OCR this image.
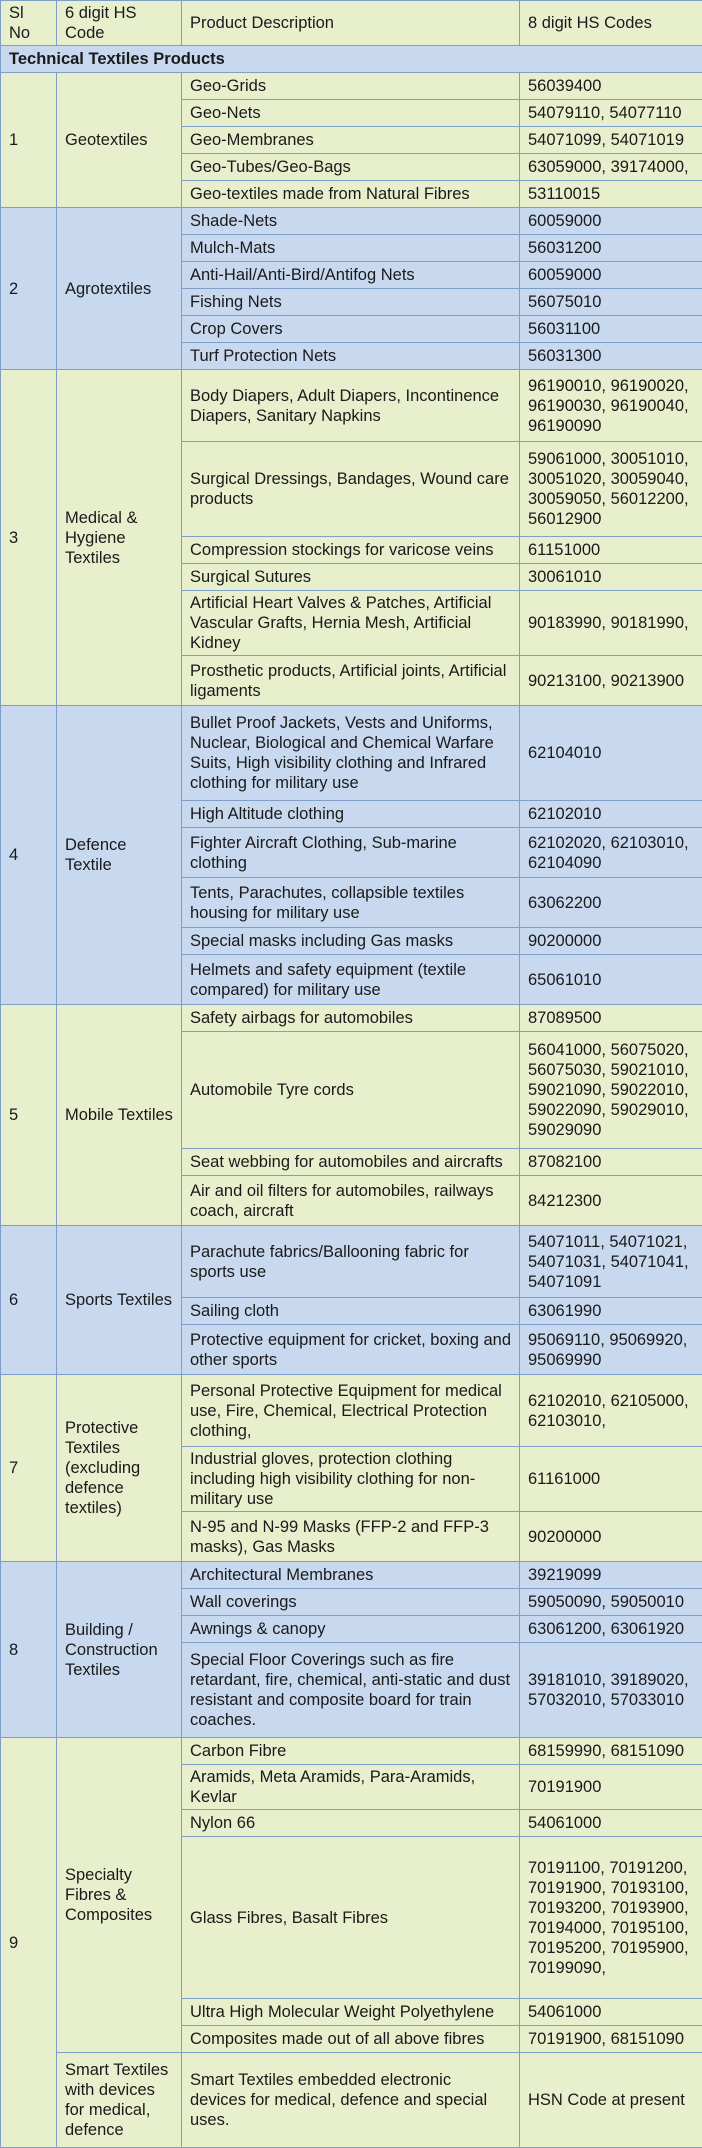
Sl No	6 digit HS Code	Product Description	8 digit HS Codes
Technical Textiles Products			
1	Geotextiles	Geo-Grids	56039400
		Geo-Nets	54079110, 54077110
		Geo-Membranes	54071099, 54071019
		Geo-Tubes/Geo-Bags	63059000, 39174000,
		Geo-textiles made from Natural Fibres	53110015
2	Agrotextiles	Shade-Nets	60059000
		Mulch-Mats	56031200
		Anti-Hail/Anti-Bird/Antifog Nets	60059000
		Fishing Nets	56075010
		Crop Covers	56031100
		Turf Protection Nets	56031300
3	Medical & Hygiene Textiles	Body Diapers, Adult Diapers, Incontinence Diapers, Sanitary Napkins	96190010, 96190020, 96190030, 96190040, 96190090
		Surgical Dressings, Bandages, Wound care products	59061000, 30051010, 30051020, 30059040, 30059050, 56012200, 56012900
		Compression stockings for varicose veins	61151000
		Surgical Sutures	30061010
		Artificial Heart Valves & Patches, Artificial Vascular Grafts, Hernia Mesh, Artificial Kidney	90183990, 90181990,
		Prosthetic products, Artificial joints, Artificial ligaments	90213100, 90213900
4	Defence Textile	Bullet Proof Jackets, Vests and Uniforms, Nuclear, Biological and Chemical Warfare Suits, High visibility clothing and Infrared clothing for military use	62104010
		High Altitude clothing	62102010
		Fighter Aircraft Clothing, Sub-marine clothing	62102020, 62103010, 62104090
		Tents, Parachutes, collapsible textiles housing for military use	63062200
		Special masks including Gas masks	90200000
		Helmets and safety equipment (textile compared) for military use	65061010
5	Mobile Textiles	Safety airbags for automobiles	87089500
		Automobile Tyre cords	56041000, 56075020, 56075030, 59021010, 59021090, 59022010, 59022090, 59029010, 59029090
		Seat webbing for automobiles and aircrafts	87082100
		Air and oil filters for automobiles, railways coach, aircraft	84212300
6	Sports Textiles	Parachute fabrics/Ballooning fabric for sports use	54071011, 54071021, 54071031, 54071041, 54071091
		Sailing cloth	63061990
		Protective equipment for cricket, boxing and other sports	95069110, 95069920, 95069990
7	Protective Textiles (excluding defence textiles)	Personal Protective Equipment for medical use, Fire, Chemical, Electrical Protection clothing,	62102010, 62105000, 62103010,
		Industrial gloves, protection clothing including high visibility clothing for non-military use	61161000
		N-95 and N-99 Masks (FFP-2 and FFP-3 masks), Gas Masks	90200000
8	Building / Construction Textiles	Architectural Membranes	39219099
		Wall coverings	59050090, 59050010
		Awnings & canopy	63061200, 63061920
		Special Floor Coverings such as fire retardant, fire, chemical, anti-static and dust resistant and composite board for train coaches.	39181010, 39189020, 57032010, 57033010
9	Specialty Fibres & Composites	Carbon Fibre	68159990, 68151090
		Aramids, Meta Aramids, Para-Aramids, Kevlar	70191900
		Nylon 66	54061000
		Glass Fibres, Basalt Fibres	70191100, 70191200, 70191900, 70193100, 70193200, 70193900, 70194000, 70195100, 70195200, 70195900, 70199090,
		Ultra High Molecular Weight Polyethylene	54061000
		Composites made out of all above fibres	70191900, 68151090
	Smart Textiles with devices for medical, defence	Smart Textiles embedded electronic devices for medical, defence and special uses.	HSN Code at present
